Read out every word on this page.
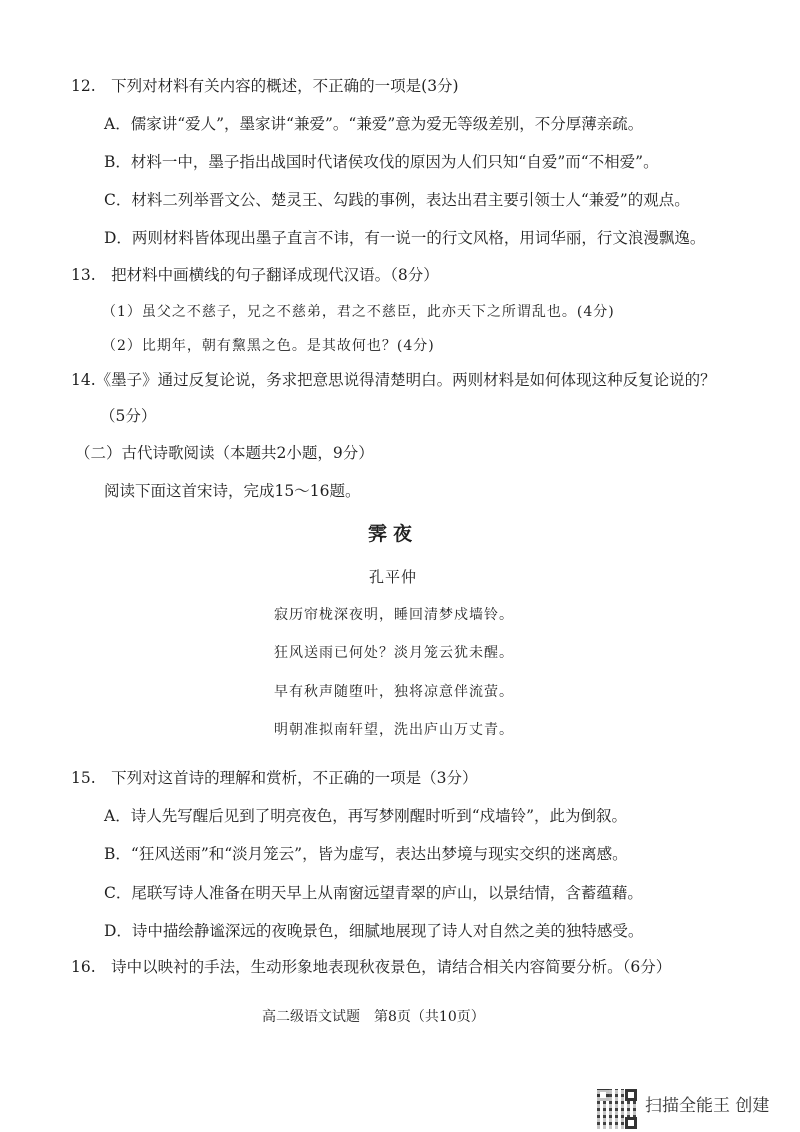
12.　下列对材料有关内容的概述，不正确的一项是(3分)
A．儒家讲“爱人”，墨家讲“兼爱”。“兼爱”意为爱无等级差别，不分厚薄亲疏。
B．材料一中，墨子指出战国时代诸侯攻伐的原因为人们只知“自爱”而“不相爱”。
C．材料二列举晋文公、楚灵王、勾践的事例，表达出君主要引领士人“兼爱”的观点。
D．两则材料皆体现出墨子直言不讳，有一说一的行文风格，用词华丽，行文浪漫飘逸。
13.　把材料中画横线的句子翻译成现代汉语。（8分）
（1）虽父之不慈子，兄之不慈弟，君之不慈臣，此亦天下之所谓乱也。(4分)
（2）比期年，朝有黧黑之色。是其故何也？(4分)
14.《墨子》通过反复论说，务求把意思说得清楚明白。两则材料是如何体现这种反复论说的？
（5分）
（二）古代诗歌阅读（本题共2小题，9分）
阅读下面这首宋诗，完成15～16题。
霁夜
孔平仲
寂历帘栊深夜明，睡回清梦戍墙铃。
狂风送雨已何处？淡月笼云犹未醒。
早有秋声随堕叶，独将凉意伴流萤。
明朝准拟南轩望，洗出庐山万丈青。
15.　下列对这首诗的理解和赏析，不正确的一项是（3分）
A．诗人先写醒后见到了明亮夜色，再写梦刚醒时听到“戍墙铃”，此为倒叙。
B．“狂风送雨”和“淡月笼云”，皆为虚写，表达出梦境与现实交织的迷离感。
C．尾联写诗人准备在明天早上从南窗远望青翠的庐山，以景结情，含蓄蕴藉。
D．诗中描绘静谧深远的夜晚景色，细腻地展现了诗人对自然之美的独特感受。
16.　诗中以映衬的手法，生动形象地表现秋夜景色，请结合相关内容简要分析。（6分）
高二级语文试题　第8页（共10页）
扫描全能王 创建
